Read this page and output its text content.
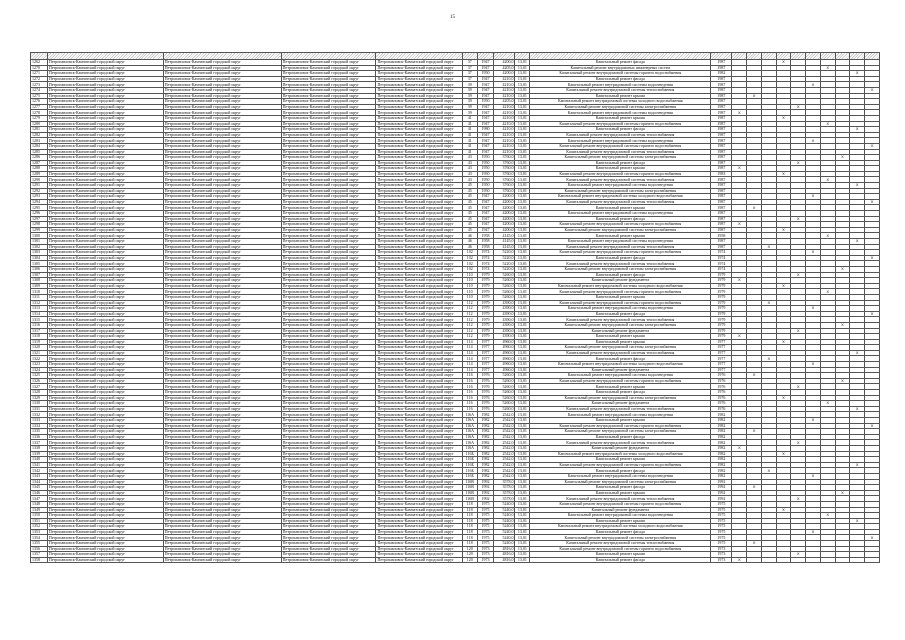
15

1262	Петропавловск-Камчатский городской округ	Петропавловск-Камчатский городской округ	Петропавловск-Камчатский городской округ	Петропавловск-Камчатский городской округ	37	1947	4200,0	13,01	Капитальный ремонт фасада	1987				X						
1270	Петропавловск-Камчатский городской округ	Петропавловск-Камчатский городской округ	Петропавловск-Камчатский городской округ	Петропавловск-Камчатский городской округ	37	1947	4205,0	13,01	Капитальный ремонт внутридомовых инженерных систем	1987							X			
1271	Петропавловск-Камчатский городской округ	Петропавловск-Камчатский городской округ	Петропавловск-Камчатский городской округ	Петропавловск-Камчатский городской округ	37	1950	4200,0	13,01	Капитальный ремонт внутридомовой системы горячего водоснабжения	1982									X	
1272	Петропавловск-Камчатский городской округ	Петропавловск-Камчатский городской округ	Петропавловск-Камчатский городской округ	Петропавловск-Камчатский городской округ	37	1947	4210,0	13,01	Капитальный ремонт фасада	1987										
1273	Петропавловск-Камчатский городской округ	Петропавловск-Камчатский городской округ	Петропавловск-Камчатский городской округ	Петропавловск-Камчатский городской округ	39	1947	4210,0	13,01	Капитальный ремонт внутридомовой системы водоотведения	1987						X				
1274	Петропавловск-Камчатский городской округ	Петропавловск-Камчатский городской округ	Петропавловск-Камчатский городской округ	Петропавловск-Камчатский городской округ	39	1947	4210,0	13,01	Капитальный ремонт внутридомовой системы теплоснабжения	1987										X
1275	Петропавловск-Камчатский городской округ	Петропавловск-Камчатский городской округ	Петропавловск-Камчатский городской округ	Петропавловск-Камчатский городской округ	39	1947	4210,0	13,01	Капитальный ремонт крыши	1987		X								
1276	Петропавловск-Камчатский городской округ	Петропавловск-Камчатский городской округ	Петропавловск-Камчатский городской округ	Петропавловск-Камчатский городской округ	39	1950	4205,0	13,01	Капитальный ремонт внутридомовой системы холодного водоснабжения	1987										
1277	Петропавловск-Камчатский городской округ	Петропавловск-Камчатский городской округ	Петропавловск-Камчатский городской округ	Петропавловск-Камчатский городской округ	39	1947	4210,0	13,01	Капитальный ремонт внутридомовой системы электроснабжения	1987					X					
1278	Петропавловск-Камчатский городской округ	Петропавловск-Камчатский городской округ	Петропавловск-Камчатский городской округ	Петропавловск-Камчатский городской округ	39	1947	4210,0	13,01	Капитальный ремонт внутридомовой системы водоотведения	1987	X									
1279	Петропавловск-Камчатский городской округ	Петропавловск-Камчатский городской округ	Петропавловск-Камчатский городской округ	Петропавловск-Камчатский городской округ	41	1947	4210,0	13,01	Капитальный ремонт крыши	1987				X						
1280	Петропавловск-Камчатский городской округ	Петропавловск-Камчатский городской округ	Петропавловск-Камчатский городской округ	Петропавловск-Камчатский городской округ	41	1947	4210,0	13,01	Капитальный ремонт внутридомовой системы горячего водоснабжения	1987							X			
1281	Петропавловск-Камчатский городской округ	Петропавловск-Камчатский городской округ	Петропавловск-Камчатский городской округ	Петропавловск-Камчатский городской округ	41	1980	4210,0	13,01	Капитальный ремонт фасада	1987									X	
1282	Петропавловск-Камчатский городской округ	Петропавловск-Камчатский городской округ	Петропавловск-Камчатский городской округ	Петропавловск-Камчатский городской округ	41	1947	4210,0	13,01	Капитальный ремонт внутридомовой системы теплоснабжения	1987										
1283	Петропавловск-Камчатский городской округ	Петропавловск-Камчатский городской округ	Петропавловск-Камчатский городской округ	Петропавловск-Камчатский городской округ	41	1947	4210,0	13,01	Капитальный ремонт внутридомовой системы водоотведения	1987						X				
1284	Петропавловск-Камчатский городской округ	Петропавловск-Камчатский городской округ	Петропавловск-Камчатский городской округ	Петропавловск-Камчатский городской округ	41	1947	4210,0	13,01	Капитальный ремонт внутридомовой системы горячего водоснабжения	1987										X
1285	Петропавловск-Камчатский городской округ	Петропавловск-Камчатский городской округ	Петропавловск-Камчатский городской округ	Петропавловск-Камчатский городской округ	41	1947	4210,0	13,01	Капитальный ремонт внутридомовой системы теплоснабжения	1987										
1286	Петропавловск-Камчатский городской округ	Петропавловск-Камчатский городской округ	Петропавловск-Камчатский городской округ	Петропавловск-Камчатский городской округ	43	1950	3760,0	13,01	Капитальный ремонт внутридомовой системы электроснабжения	1987								X		
1287	Петропавловск-Камчатский городской округ	Петропавловск-Камчатский городской округ	Петропавловск-Камчатский городской округ	Петропавловск-Камчатский городской округ	43	1950	3760,0	13,01	Капитальный ремонт фасада	1987					X					
1288	Петропавловск-Камчатский городской округ	Петропавловск-Камчатский городской округ	Петропавловск-Камчатский городской округ	Петропавловск-Камчатский городской округ	43	1950	3760,0	13,01	Капитальный ремонт крыши	1987	X									
1289	Петропавловск-Камчатский городской округ	Петропавловск-Камчатский городской округ	Петропавловск-Камчатский городской округ	Петропавловск-Камчатский городской округ	43	1950	3760,0	13,01	Капитальный ремонт внутридомовой системы горячего водоснабжения	1983				X						
1290	Петропавловск-Камчатский городской округ	Петропавловск-Камчатский городской округ	Петропавловск-Камчатский городской округ	Петропавловск-Камчатский городской округ	43	1950	3760,0	13,01	Капитальный ремонт внутридомовой системы теплоснабжения	1987							X			
1291	Петропавловск-Камчатский городской округ	Петропавловск-Камчатский городской округ	Петропавловск-Камчатский городской округ	Петропавловск-Камчатский городской округ	45	1950	3760,0	13,01	Капитальный ремонт внутридомовой системы водоотведения	1987									X	
1292	Петропавловск-Камчатский городской округ	Петропавловск-Камчатский городской округ	Петропавловск-Камчатский городской округ	Петропавловск-Камчатский городской округ	45	1950	3760,0	13,01	Капитальный ремонт внутридомовой системы электроснабжения	1987										
1293	Петропавловск-Камчатский городской округ	Петропавловск-Камчатский городской округ	Петропавловск-Камчатский городской округ	Петропавловск-Камчатский городской округ	45	1947	4200,0	13,01	Капитальный ремонт внутридомовой системы холодного водоснабжения	1987						X				
1294	Петропавловск-Камчатский городской округ	Петропавловск-Камчатский городской округ	Петропавловск-Камчатский городской округ	Петропавловск-Камчатский городской округ	45	1947	4200,0	13,01	Капитальный ремонт внутридомовой системы теплоснабжения	1987										X
1295	Петропавловск-Камчатский городской округ	Петропавловск-Камчатский городской округ	Петропавловск-Камчатский городской округ	Петропавловск-Камчатский городской округ	45	1947	4200,0	13,01	Капитальный ремонт крыши	1987		X								
1296	Петропавловск-Камчатский городской округ	Петропавловск-Камчатский городской округ	Петропавловск-Камчатский городской округ	Петропавловск-Камчатский городской округ	45	1947	4200,0	13,01	Капитальный ремонт внутридомовой системы водоотведения	1987										
1297	Петропавловск-Камчатский городской округ	Петропавловск-Камчатский городской округ	Петропавловск-Камчатский городской округ	Петропавловск-Камчатский городской округ	45	1947	4200,0	13,01	Капитальный ремонт фасада	1987					X					
1298	Петропавловск-Камчатский городской округ	Петропавловск-Камчатский городской округ	Петропавловск-Камчатский городской округ	Петропавловск-Камчатский городской округ	45	1947	4200,0	13,01	Капитальный ремонт внутридомовой системы горячего водоснабжения	1987	X									
1299	Петропавловск-Камчатский городской округ	Петропавловск-Камчатский городской округ	Петропавловск-Камчатский городской округ	Петропавловск-Камчатский городской округ	45	1947	4200,0	13,01	Капитальный ремонт внутридомовой системы электроснабжения	1987				X						
1300	Петропавловск-Камчатский городской округ	Петропавловск-Камчатский городской округ	Петропавловск-Камчатский городской округ	Петропавловск-Камчатский городской округ	46	1958	4145,0	13,01	Капитальный ремонт крыши	1958							X			
1301	Петропавловск-Камчатский городской округ	Петропавловск-Камчатский городской округ	Петропавловск-Камчатский городской округ	Петропавловск-Камчатский городской округ	46	1958	4145,0	13,01	Капитальный ремонт внутридомовой системы водоотведения	1987									X	
1302	Петропавловск-Камчатский городской округ	Петропавловск-Камчатский городской округ	Петропавловск-Камчатский городской округ	Петропавловск-Камчатский городской округ	46	1958	4145,0	13,01	Капитальный ремонт внутридомовой системы теплоснабжения	1987			X							
1303	Петропавловск-Камчатский городской округ	Петропавловск-Камчатский городской округ	Петропавловск-Камчатский городской округ	Петропавловск-Камчатский городской округ	102	1974	5220,0	13,01	Капитальный ремонт внутридомовой системы горячего водоснабжения	1974						X				
1304	Петропавловск-Камчатский городской округ	Петропавловск-Камчатский городской округ	Петропавловск-Камчатский городской округ	Петропавловск-Камчатский городской округ	102	1974	5220,0	13,01	Капитальный ремонт фасада	1974										X
1305	Петропавловск-Камчатский городской округ	Петропавловск-Камчатский городской округ	Петропавловск-Камчатский городской округ	Петропавловск-Камчатский городской округ	102	1974	5220,0	13,01	Капитальный ремонт внутридомовой системы теплоснабжения	1974										
1306	Петропавловск-Камчатский городской округ	Петропавловск-Камчатский городской округ	Петропавловск-Камчатский городской округ	Петропавловск-Камчатский городской округ	102	1974	5220,0	13,01	Капитальный ремонт внутридомовой системы электроснабжения	1974								X		
1307	Петропавловск-Камчатский городской округ	Петропавловск-Камчатский городской округ	Петропавловск-Камчатский городской округ	Петропавловск-Камчатский городской округ	110	1979	5260,0	13,01	Капитальный ремонт фасада	1979					X					
1308	Петропавловск-Камчатский городской округ	Петропавловск-Камчатский городской округ	Петропавловск-Камчатский городской округ	Петропавловск-Камчатский городской округ	110	1979	5260,0	13,01	Капитальный ремонт фундамента	1979	X									
1309	Петропавловск-Камчатский городской округ	Петропавловск-Камчатский городской округ	Петропавловск-Камчатский городской округ	Петропавловск-Камчатский городской округ	110	1979	5260,0	13,01	Капитальный ремонт внутридомовой системы холодного водоснабжения	1979				X						
1310	Петропавловск-Камчатский городской округ	Петропавловск-Камчатский городской округ	Петропавловск-Камчатский городской округ	Петропавловск-Камчатский городской округ	110	1979	5260,0	13,01	Капитальный ремонт внутридомовой системы горячего водоснабжения	1979							X			
1311	Петропавловск-Камчатский городской округ	Петропавловск-Камчатский городской округ	Петропавловск-Камчатский городской округ	Петропавловск-Камчатский городской округ	110	1979	5260,0	13,01	Капитальный ремонт крыши	1979										
1312	Петропавловск-Камчатский городской округ	Петропавловск-Камчатский городской округ	Петропавловск-Камчатский городской округ	Петропавловск-Камчатский городской округ	112	1979	4390,0	13,01	Капитальный ремонт внутридомовой системы горячего водоснабжения	1979			X							
1313	Петропавловск-Камчатский городской округ	Петропавловск-Камчатский городской округ	Петропавловск-Камчатский городской округ	Петропавловск-Камчатский городской округ	112	1979	4390,0	13,01	Капитальный ремонт внутридомовой системы водоотведения	1979						X				
1314	Петропавловск-Камчатский городской округ	Петропавловск-Камчатский городской округ	Петропавловск-Камчатский городской округ	Петропавловск-Камчатский городской округ	112	1979	4390,0	13,01	Капитальный ремонт фасада	1979										X
1315	Петропавловск-Камчатский городской округ	Петропавловск-Камчатский городской округ	Петропавловск-Камчатский городской округ	Петропавловск-Камчатский городской округ	112	1979	4390,0	13,01	Капитальный ремонт внутридомовой системы теплоснабжения	1979										
1316	Петропавловск-Камчатский городской округ	Петропавловск-Камчатский городской округ	Петропавловск-Камчатский городской округ	Петропавловск-Камчатский городской округ	112	1979	4390,0	13,01	Капитальный ремонт внутридомовой системы электроснабжения	1979								X		
1317	Петропавловск-Камчатский городской округ	Петропавловск-Камчатский городской округ	Петропавловск-Камчатский городской округ	Петропавловск-Камчатский городской округ	112	1979	4390,0	13,01	Капитальный ремонт фундамента	1979					X					
1318	Петропавловск-Камчатский городской округ	Петропавловск-Камчатский городской округ	Петропавловск-Камчатский городской округ	Петропавловск-Камчатский городской округ	112	1979	4390,0	13,01	Капитальный ремонт крыши	1979	X									
1319	Петропавловск-Камчатский городской округ	Петропавловск-Камчатский городской округ	Петропавловск-Камчатский городской округ	Петропавловск-Камчатский городской округ	114	1977	4960,0	13,01	Капитальный ремонт крыши	1977				X						
1320	Петропавловск-Камчатский городской округ	Петропавловск-Камчатский городской округ	Петропавловск-Камчатский городской округ	Петропавловск-Камчатский городской округ	114	1977	4960,0	13,01	Капитальный ремонт внутридомовой системы электроснабжения	1977										
1321	Петропавловск-Камчатский городской округ	Петропавловск-Камчатский городской округ	Петропавловск-Камчатский городской округ	Петропавловск-Камчатский городской округ	114	1977	4960,0	13,01	Капитальный ремонт внутридомовой системы теплоснабжения	1977									X	
1322	Петропавловск-Камчатский городской округ	Петропавловск-Камчатский городской округ	Петропавловск-Камчатский городской округ	Петропавловск-Камчатский городской округ	114	1977	4960,0	13,01	Капитальный ремонт фасада	1977			X							
1323	Петропавловск-Камчатский городской округ	Петропавловск-Камчатский городской округ	Петропавловск-Камчатский городской округ	Петропавловск-Камчатский городской округ	114	1977	4960,0	13,01	Капитальный ремонт внутридомовой системы холодного водоснабжения	1977						X				
1324	Петропавловск-Камчатский городской округ	Петропавловск-Камчатский городской округ	Петропавловск-Камчатский городской округ	Петропавловск-Камчатский городской округ	114	1977	4960,0	13,01	Капитальный ремонт фундамента	1977										
1325	Петропавловск-Камчатский городской округ	Петропавловск-Камчатский городской округ	Петропавловск-Камчатский городской округ	Петропавловск-Камчатский городской округ	116	1976	5260,0	13,01	Капитальный ремонт внутридомовой системы водоотведения	1976		X								
1326	Петропавловск-Камчатский городской округ	Петропавловск-Камчатский городской округ	Петропавловск-Камчатский городской округ	Петропавловск-Камчатский городской округ	116	1976	5260,0	13,01	Капитальный ремонт внутридомовой системы горячего водоснабжения	1976								X		
1327	Петропавловск-Камчатский городской округ	Петропавловск-Камчатский городской округ	Петропавловск-Камчатский городской округ	Петропавловск-Камчатский городской округ	116	1976	5260,0	13,01	Капитальный ремонт крыши	1976					X					
1328	Петропавловск-Камчатский городской округ	Петропавловск-Камчатский городской округ	Петропавловск-Камчатский городской округ	Петропавловск-Камчатский городской округ	116	1976	5260,0	13,01	Капитальный ремонт фасада	1976										
1329	Петропавловск-Камчатский городской округ	Петропавловск-Камчатский городской округ	Петропавловск-Камчатский городской округ	Петропавловск-Камчатский городской округ	116	1976	5260,0	13,01	Капитальный ремонт внутридомовой системы электроснабжения	1976				X						
1330	Петропавловск-Камчатский городской округ	Петропавловск-Камчатский городской округ	Петропавловск-Камчатский городской округ	Петропавловск-Камчатский городской округ	116	1976	5260,0	13,01	Капитальный ремонт фундамента	1976							X			
1331	Петропавловск-Камчатский городской округ	Петропавловск-Камчатский городской округ	Петропавловск-Камчатский городской округ	Петропавловск-Камчатский городской округ	116	1976	5260,0	13,01	Капитальный ремонт внутридомовой системы теплоснабжения	1976									X	
1332	Петропавловск-Камчатский городской округ	Петропавловск-Камчатский городской округ	Петропавловск-Камчатский городской округ	Петропавловск-Камчатский городской округ	116А	1982	2542,0	13,01	Капитальный ремонт внутридомовой системы водоотведения	1982										
1333	Петропавловск-Камчатский городской округ	Петропавловск-Камчатский городской округ	Петропавловск-Камчатский городской округ	Петропавловск-Камчатский городской округ	116А	1982	2542,0	13,01	Капитальный ремонт крыши	1982						X				
1334	Петропавловск-Камчатский городской округ	Петропавловск-Камчатский городской округ	Петропавловск-Камчатский городской округ	Петропавловск-Камчатский городской округ	116А	1982	2542,0	13,01	Капитальный ремонт внутридомовой системы горячего водоснабжения	1982										X
1335	Петропавловск-Камчатский городской округ	Петропавловск-Камчатский городской округ	Петропавловск-Камчатский городской округ	Петропавловск-Камчатский городской округ	116А	1982	2542,0	13,01	Капитальный ремонт внутридомовой системы электроснабжения	1982		X								
1336	Петропавловск-Камчатский городской округ	Петропавловск-Камчатский городской округ	Петропавловск-Камчатский городской округ	Петропавловск-Камчатский городской округ	116А	1982	2542,0	13,01	Капитальный ремонт фасада	1982										
1337	Петропавловск-Камчатский городской округ	Петропавловск-Камчатский городской округ	Петропавловск-Камчатский городской округ	Петропавловск-Камчатский городской округ	116А	1982	2542,0	13,01	Капитальный ремонт внутридомовой системы теплоснабжения	1982					X					
1338	Петропавловск-Камчатский городской округ	Петропавловск-Камчатский городской округ	Петропавловск-Камчатский городской округ	Петропавловск-Камчатский городской округ	116А	1982	2542,0	13,01	Капитальный ремонт фундамента	1982	X									
1339	Петропавловск-Камчатский городской округ	Петропавловск-Камчатский городской округ	Петропавловск-Камчатский городской округ	Петропавловск-Камчатский городской округ	116Б	1982	2542,0	13,01	Капитальный ремонт внутридомовой системы холодного водоснабжения	1982				X						
1340	Петропавловск-Камчатский городской округ	Петропавловск-Камчатский городской округ	Петропавловск-Камчатский городской округ	Петропавловск-Камчатский городской округ	116Б	1982	2542,0	13,01	Капитальный ремонт крыши	1982										
1341	Петропавловск-Камчатский городской округ	Петропавловск-Камчатский городской округ	Петропавловск-Камчатский городской округ	Петропавловск-Камчатский городской округ	116Б	1982	2542,0	13,01	Капитальный ремонт внутридомовой системы горячего водоснабжения	1982									X	
1342	Петропавловск-Камчатский городской округ	Петропавловск-Камчатский городской округ	Петропавловск-Камчатский городской округ	Петропавловск-Камчатский городской округ	116Б	1982	2542,0	13,01	Капитальный ремонт фасада	1982			X							
1343	Петропавловск-Камчатский городской округ	Петропавловск-Камчатский городской округ	Петропавловск-Камчатский городской округ	Петропавловск-Камчатский городской округ	116Б	1982	2542,0	13,01	Капитальный ремонт внутридомовой системы водоотведения	1982						X				
1344	Петропавловск-Камчатский городской округ	Петропавловск-Камчатский городской округ	Петропавловск-Камчатский городской округ	Петропавловск-Камчатский городской округ	116В	1992	3578,0	13,01	Капитальный ремонт внутридомовой системы электроснабжения	1992										
1345	Петропавловск-Камчатский городской округ	Петропавловск-Камчатский городской округ	Петропавловск-Камчатский городской округ	Петропавловск-Камчатский городской округ	116В	1992	3578,0	13,01	Капитальный ремонт фасада	1992		X								
1346	Петропавловск-Камчатский городской округ	Петропавловск-Камчатский городской округ	Петропавловск-Камчатский городской округ	Петропавловск-Камчатский городской округ	116В	1992	3578,0	13,01	Капитальный ремонт крыши	1992								X		
1347	Петропавловск-Камчатский городской округ	Петропавловск-Камчатский городской округ	Петропавловск-Камчатский городской округ	Петропавловск-Камчатский городской округ	116В	1992	3578,0	13,01	Капитальный ремонт внутридомовой системы теплоснабжения	1992					X					
1348	Петропавловск-Камчатский городской округ	Петропавловск-Камчатский городской округ	Петропавловск-Камчатский городской округ	Петропавловск-Камчатский городской округ	118	1975	5240,0	13,01	Капитальный ремонт внутридомовой системы горячего водоснабжения	1975										
1349	Петропавловск-Камчатский городской округ	Петропавловск-Камчатский городской округ	Петропавловск-Камчатский городской округ	Петропавловск-Камчатский городской округ	118	1975	5240,0	13,01	Капитальный ремонт фундамента	1975				X						
1350	Петропавловск-Камчатский городской округ	Петропавловск-Камчатский городской округ	Петропавловск-Камчатский городской округ	Петропавловск-Камчатский городской округ	118	1975	5240,0	13,01	Капитальный ремонт внутридомовой системы водоотведения	1975							X			
1351	Петропавловск-Камчатский городской округ	Петропавловск-Камчатский городской округ	Петропавловск-Камчатский городской округ	Петропавловск-Камчатский городской округ	118	1975	5240,0	13,01	Капитальный ремонт крыши	1975									X	
1352	Петропавловск-Камчатский городской округ	Петропавловск-Камчатский городской округ	Петропавловск-Камчатский городской округ	Петропавловск-Камчатский городской округ	118	1975	5240,0	13,01	Капитальный ремонт внутридомовой системы холодного водоснабжения	1975										
1353	Петропавловск-Камчатский городской округ	Петропавловск-Камчатский городской округ	Петропавловск-Камчатский городской округ	Петропавловск-Камчатский городской округ	118	1975	5240,0	13,01	Капитальный ремонт фасада	1975						X				
1354	Петропавловск-Камчатский городской округ	Петропавловск-Камчатский городской округ	Петропавловск-Камчатский городской округ	Петропавловск-Камчатский городской округ	118	1975	5240,0	13,01	Капитальный ремонт внутридомовой системы электроснабжения	1975										X
1355	Петропавловск-Камчатский городской округ	Петропавловск-Камчатский городской округ	Петропавловск-Камчатский городской округ	Петропавловск-Камчатский городской округ	118	1975	5240,0	13,01	Капитальный ремонт внутридомовой системы теплоснабжения	1975		X								
1356	Петропавловск-Камчатский городской округ	Петропавловск-Камчатский городской округ	Петропавловск-Камчатский городской округ	Петропавловск-Камчатский городской округ	120	1973	4816,0	13,01	Капитальный ремонт внутридомовой системы горячего водоснабжения	1973										
1357	Петропавловск-Камчатский городской округ	Петропавловск-Камчатский городской округ	Петропавловск-Камчатский городской округ	Петропавловск-Камчатский городской округ	120	1973	4816,0	13,01	Капитальный ремонт крыши	1973					X					
1358	Петропавловск-Камчатский городской округ	Петропавловск-Камчатский городской округ	Петропавловск-Камчатский городской округ	Петропавловск-Камчатский городской округ	120	1973	4816,0	13,01	Капитальный ремонт фасада	1973	X									
